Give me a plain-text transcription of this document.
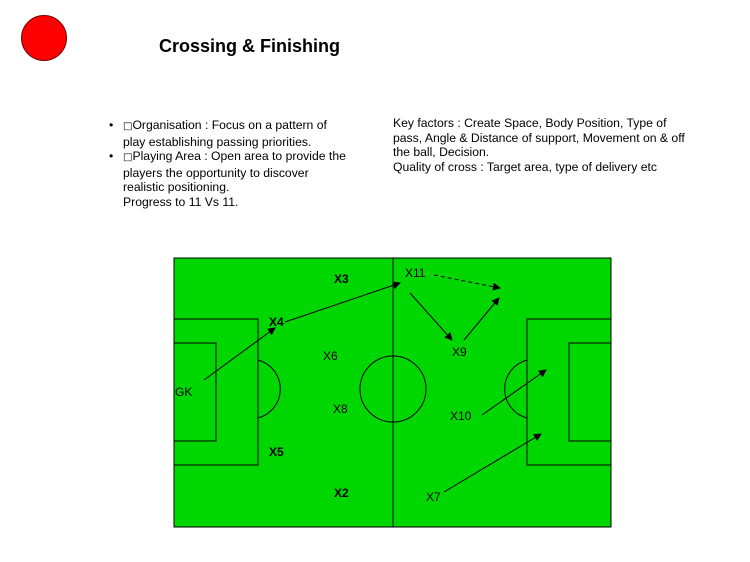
Crossing & Finishing
• □Organisation : Focus on a pattern of play establishing passing priorities.
• □Playing Area : Open area to provide the players the opportunity to discover realistic positioning.
Progress to 11 Vs 11.

Key factors : Create Space, Body Position, Type of pass, Angle & Distance of support, Movement on & off the ball, Decision.

Quality of cross : Target area, type of delivery etc

GK
X3
X4
X6
X8
X5
X2
X11
X9
X10
X7
